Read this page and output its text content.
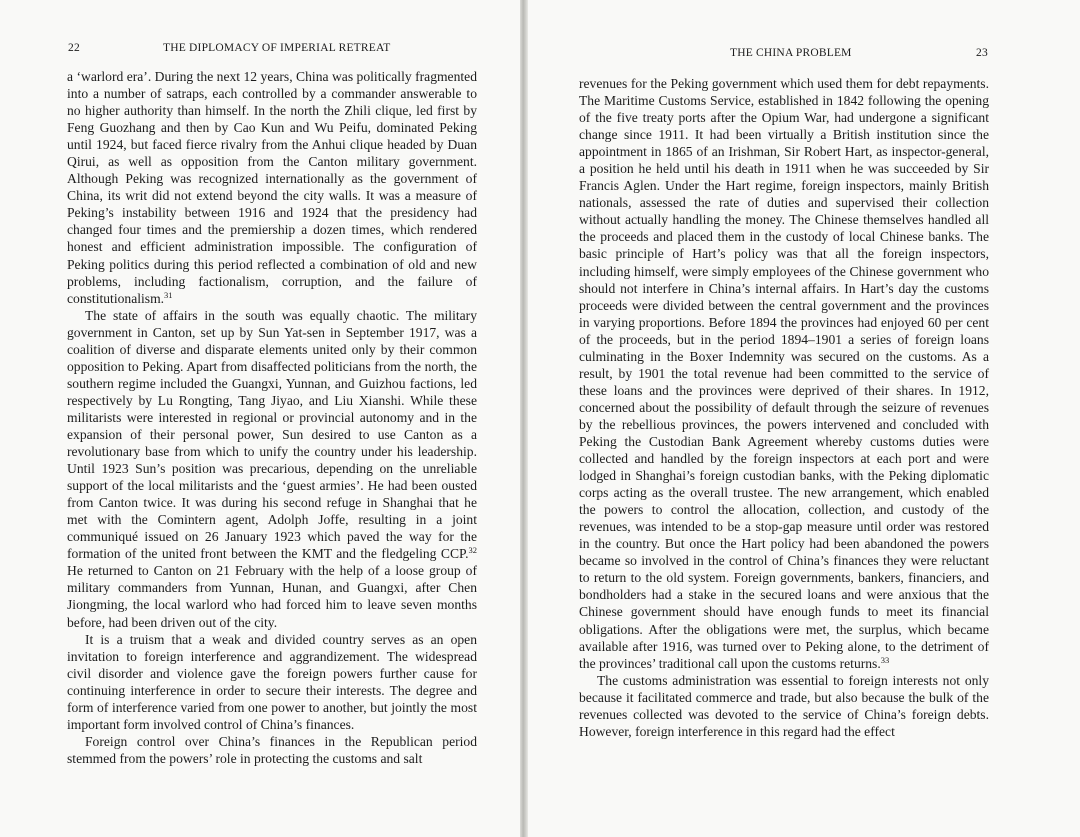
22	THE DIPLOMACY OF IMPERIAL RETREAT

a ‘warlord era’. During the next 12 years, China was politically fragmented into a number of satraps, each controlled by a commander answerable to no higher authority than himself. In the north the Zhili clique, led first by Feng Guozhang and then by Cao Kun and Wu Peifu, dominated Peking until 1924, but faced fierce rivalry from the Anhui clique headed by Duan Qirui, as well as opposition from the Canton military government. Although Peking was recognized internationally as the government of China, its writ did not extend beyond the city walls. It was a measure of Peking’s instability between 1916 and 1924 that the presidency had changed four times and the premiership a dozen times, which rendered honest and efficient administration impossible. The configuration of Peking politics during this period reflected a combination of old and new problems, including factionalism, corruption, and the failure of constitutionalism.$^{31}$

The state of affairs in the south was equally chaotic. The military government in Canton, set up by Sun Yat-sen in September 1917, was a coalition of diverse and disparate elements united only by their common opposition to Peking. Apart from disaffected politicians from the north, the southern regime included the Guangxi, Yunnan, and Guizhou factions, led respectively by Lu Rongting, Tang Jiyao, and Liu Xianshi. While these militarists were interested in regional or provincial autonomy and in the expansion of their personal power, Sun desired to use Canton as a revolutionary base from which to unify the country under his leadership. Until 1923 Sun’s position was precarious, depending on the unreliable support of the local militarists and the ‘guest armies’. He had been ousted from Canton twice. It was during his second refuge in Shanghai that he met with the Comintern agent, Adolph Joffe, resulting in a joint communiqué issued on 26 January 1923 which paved the way for the formation of the united front between the KMT and the fledgeling CCP.$^{32}$ He returned to Canton on 21 February with the help of a loose group of military commanders from Yunnan, Hunan, and Guangxi, after Chen Jiongming, the local warlord who had forced him to leave seven months before, had been driven out of the city.

It is a truism that a weak and divided country serves as an open invitation to foreign interference and aggrandizement. The widespread civil disorder and violence gave the foreign powers further cause for continuing interference in order to secure their interests. The degree and form of interference varied from one power to another, but jointly the most important form involved control of China’s finances.

Foreign control over China’s finances in the Republican period stemmed from the powers’ role in protecting the customs and salt

THE CHINA PROBLEM	23

revenues for the Peking government which used them for debt repayments. The Maritime Customs Service, established in 1842 following the opening of the five treaty ports after the Opium War, had undergone a significant change since 1911. It had been virtually a British institution since the appointment in 1865 of an Irishman, Sir Robert Hart, as inspector-general, a position he held until his death in 1911 when he was succeeded by Sir Francis Aglen. Under the Hart regime, foreign inspectors, mainly British nationals, assessed the rate of duties and supervised their collection without actually handling the money. The Chinese themselves handled all the proceeds and placed them in the custody of local Chinese banks. The basic principle of Hart’s policy was that all the foreign inspectors, including himself, were simply employees of the Chinese government who should not interfere in China’s internal affairs. In Hart’s day the customs proceeds were divided between the central government and the provinces in varying proportions. Before 1894 the provinces had enjoyed 60 per cent of the proceeds, but in the period 1894–1901 a series of foreign loans culminating in the Boxer Indemnity was secured on the customs. As a result, by 1901 the total revenue had been committed to the service of these loans and the provinces were deprived of their shares. In 1912, concerned about the possibility of default through the seizure of revenues by the rebellious provinces, the powers intervened and concluded with Peking the Custodian Bank Agreement whereby customs duties were collected and handled by the foreign inspectors at each port and were lodged in Shanghai’s foreign custodian banks, with the Peking diplomatic corps acting as the overall trustee. The new arrangement, which enabled the powers to control the allocation, collection, and custody of the revenues, was intended to be a stop-gap measure until order was restored in the country. But once the Hart policy had been abandoned the powers became so involved in the control of China’s finances they were reluctant to return to the old system. Foreign governments, bankers, financiers, and bondholders had a stake in the secured loans and were anxious that the Chinese government should have enough funds to meet its financial obligations. After the obligations were met, the surplus, which became available after 1916, was turned over to Peking alone, to the detriment of the provinces’ traditional call upon the customs returns.$^{33}$

The customs administration was essential to foreign interests not only because it facilitated commerce and trade, but also because the bulk of the revenues collected was devoted to the service of China’s foreign debts. However, foreign interference in this regard had the effect
